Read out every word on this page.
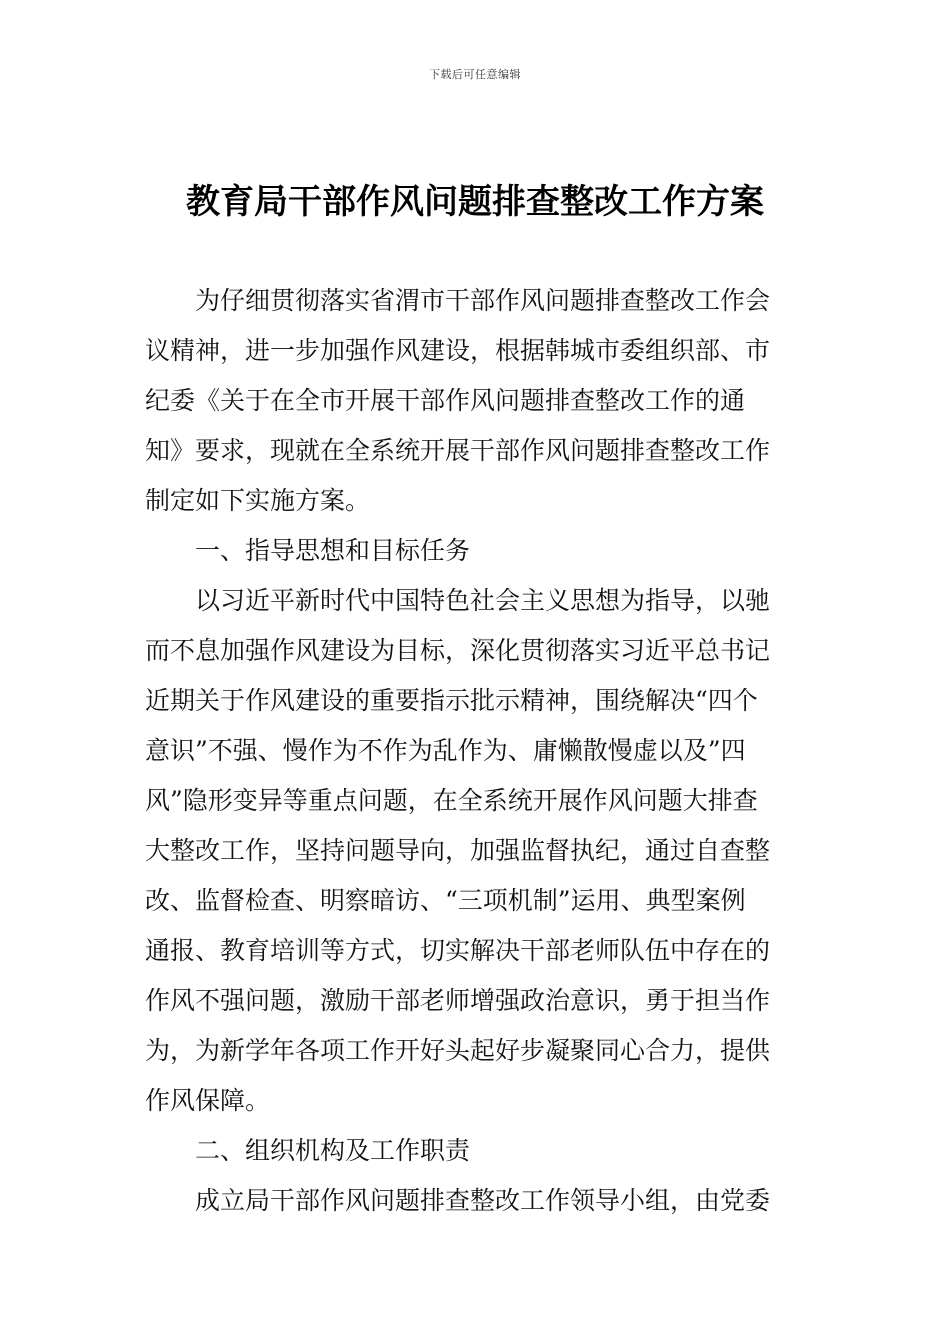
下载后可任意编辑
教育局干部作风问题排查整改工作方案
为仔细贯彻落实省渭市干部作风问题排查整改工作会
议精神，进一步加强作风建设，根据韩城市委组织部、市
纪委《关于在全市开展干部作风问题排查整改工作的通
知》要求，现就在全系统开展干部作风问题排查整改工作
制定如下实施方案。
一、指导思想和目标任务
以习近平新时代中国特色社会主义思想为指导，以驰
而不息加强作风建设为目标，深化贯彻落实习近平总书记
近期关于作风建设的重要指示批示精神，围绕解决“四个
意识”不强、慢作为不作为乱作为、庸懒散慢虚以及”四
风”隐形变异等重点问题，在全系统开展作风问题大排查
大整改工作，坚持问题导向，加强监督执纪，通过自查整
改、监督检查、明察暗访、“三项机制”运用、典型案例
通报、教育培训等方式，切实解决干部老师队伍中存在的
作风不强问题，激励干部老师增强政治意识，勇于担当作
为，为新学年各项工作开好头起好步凝聚同心合力，提供
作风保障。
二、组织机构及工作职责
成立局干部作风问题排查整改工作领导小组，由党委
